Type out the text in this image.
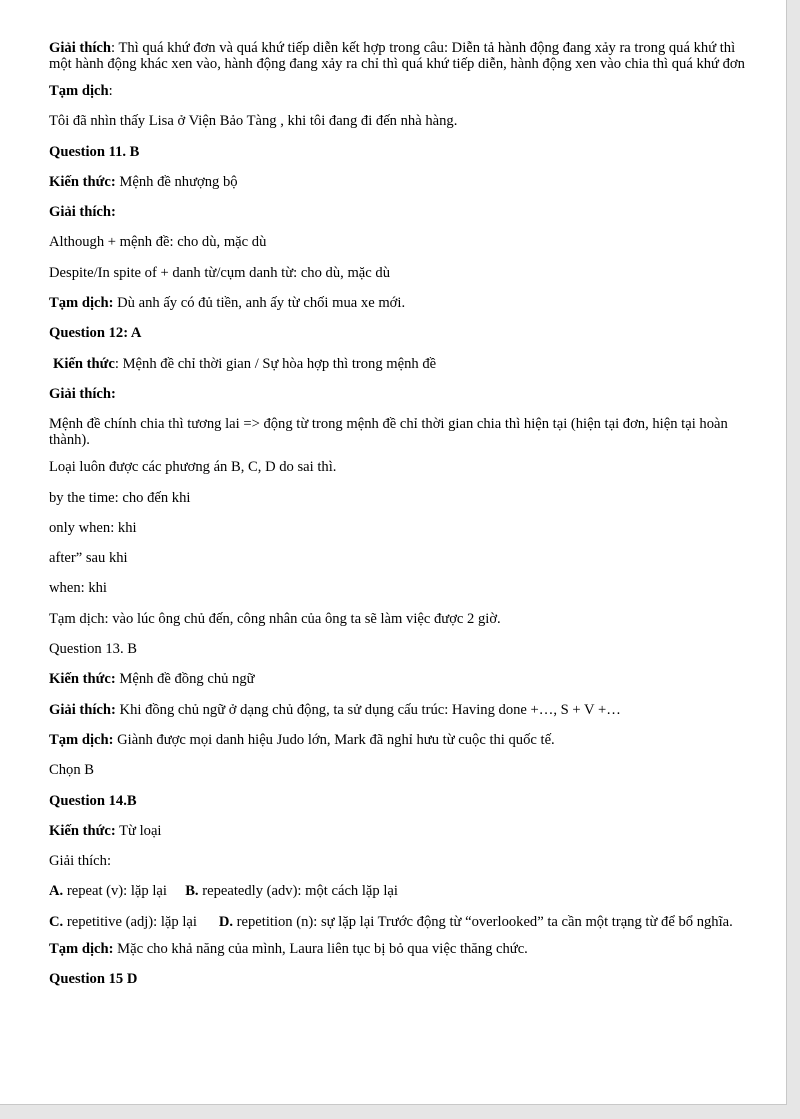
Giải thích: Thì quá khứ đơn và quá khứ tiếp diễn kết hợp trong câu: Diễn tả hành động đang xảy ra trong quá khứ thì một hành động khác xen vào, hành động đang xảy ra chỉ thì quá khứ tiếp diễn, hành động xen vào chia thì quá khứ đơn

Tạm dịch:

Tôi đã nhìn thấy Lisa ở Viện Bảo Tàng , khi tôi đang đi đến nhà hàng.

Question 11. B

Kiến thức: Mệnh đề nhượng bộ

Giải thích:

Although + mệnh đề: cho dù, mặc dù

Despite/In spite of + danh từ/cụm danh từ: cho dù, mặc dù

Tạm dịch: Dù anh ấy có đủ tiền, anh ấy từ chối mua xe mới.

Question 12: A

Kiến thức: Mệnh đề chỉ thời gian / Sự hòa hợp thì trong mệnh đề

Giải thích:

Mệnh đề chính chia thì tương lai => động từ trong mệnh đề chỉ thời gian chia thì hiện tại (hiện tại đơn, hiện tại hoàn thành).

Loại luôn được các phương án B, C, D do sai thì.

by the time: cho đến khi

only when: khi

after” sau khi

when: khi

Tạm dịch: vào lúc ông chủ đến, công nhân của ông ta sẽ làm việc được 2 giờ.

Question 13. B

Kiến thức: Mệnh đề đồng chủ ngữ

Giải thích: Khi đồng chủ ngữ ở dạng chủ động, ta sử dụng cấu trúc: Having done +…, S + V +…

Tạm dịch: Giành được mọi danh hiệu Judo lớn, Mark đã nghỉ hưu từ cuộc thi quốc tế.

Chọn B

Question 14.B

Kiến thức: Từ loại

Giải thích:

A. repeat (v): lặp lại B. repeatedly (adv): một cách lặp lại

C. repetitive (adj): lặp lại D. repetition (n): sự lặp lại Trước động từ “overlooked” ta cần một trạng từ để bổ nghĩa.

Tạm dịch: Mặc cho khả năng của mình, Laura liên tục bị bỏ qua việc thăng chức.

Question 15 D
